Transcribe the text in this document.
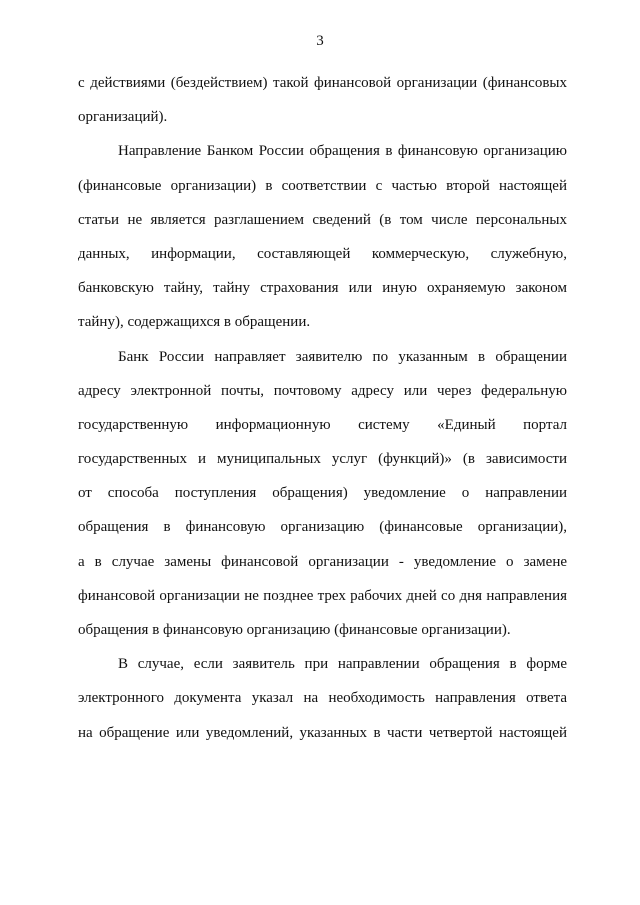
3
с действиями (бездействием) такой финансовой организации (финансовых
организаций).
Направление Банком России обращения в финансовую организацию
(финансовые организации) в соответствии с частью второй настоящей
статьи не является разглашением сведений (в том числе персональных
данных, информации, составляющей коммерческую, служебную,
банковскую тайну, тайну страхования или иную охраняемую законом
тайну), содержащихся в обращении.
Банк России направляет заявителю по указанным в обращении
адресу электронной почты, почтовому адресу или через федеральную
государственную информационную систему «Единый портал
государственных и муниципальных услуг (функций)» (в зависимости
от способа поступления обращения) уведомление о направлении
обращения в финансовую организацию (финансовые организации),
а в случае замены финансовой организации - уведомление о замене
финансовой организации не позднее трех рабочих дней со дня направления
обращения в финансовую организацию (финансовые организации).
В случае, если заявитель при направлении обращения в форме
электронного документа указал на необходимость направления ответа
на обращение или уведомлений, указанных в части четвертой настоящей
